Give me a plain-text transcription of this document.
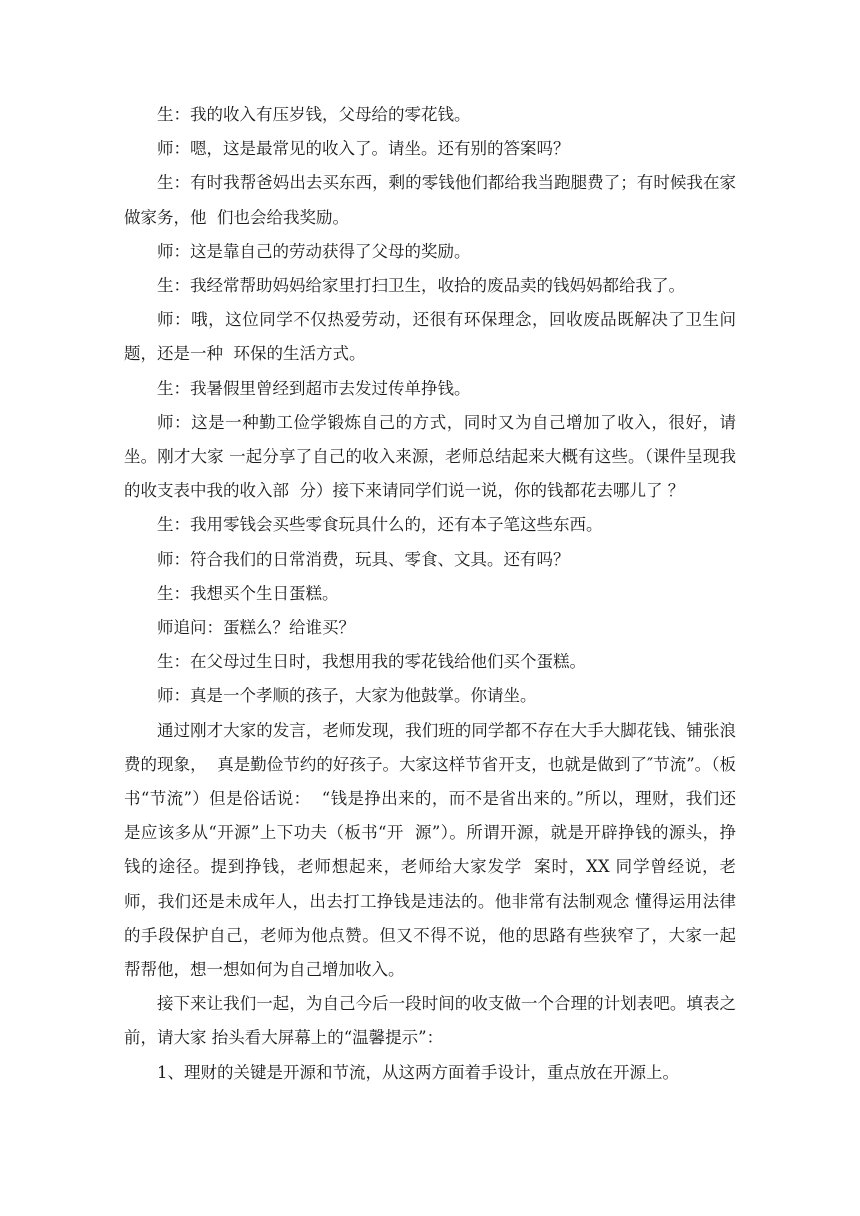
生：我的收入有压岁钱，父母给的零花钱。

师：嗯，这是最常见的收入了。请坐。还有别的答案吗？

生：有时我帮爸妈出去买东西，剩的零钱他们都给我当跑腿费了；有时候我在家做家务，他  们也会给我奖励。

师：这是靠自己的劳动获得了父母的奖励。

生：我经常帮助妈妈给家里打扫卫生，收拾的废品卖的钱妈妈都给我了。

师：哦，这位同学不仅热爱劳动，还很有环保理念，回收废品既解决了卫生问题，还是一种  环保的生活方式。

生：我暑假里曾经到超市去发过传单挣钱。

师：这是一种勤工俭学锻炼自己的方式，同时又为自己增加了收入，很好，请坐。刚才大家 一起分享了自己的收入来源，老师总结起来大概有这些。（课件呈现我的收支表中我的收入部  分）接下来请同学们说一说，你的钱都花去哪儿了 ？

生：我用零钱会买些零食玩具什么的，还有本子笔这些东西。

师：符合我们的日常消费，玩具、零食、文具。还有吗？

生：我想买个生日蛋糕。

师追问：蛋糕么？给谁买？

生：在父母过生日时，我想用我的零花钱给他们买个蛋糕。

师：真是一个孝顺的孩子，大家为他鼓掌。你请坐。

通过刚才大家的发言，老师发现，我们班的同学都不存在大手大脚花钱、铺张浪费的现象，  真是勤俭节约的好孩子。大家这样节省开支，也就是做到了″节流”。（板书“节流”）但是俗话说：  “钱是挣出来的，而不是省出来的。”所以，理财，我们还是应该多从“开源”上下功夫（板书“开  源”）。所谓开源，就是开辟挣钱的源头，挣钱的途径。提到挣钱，老师想起来，老师给大家发学  案时，XX 同学曾经说，老师，我们还是未成年人，出去打工挣钱是违法的。他非常有法制观念 懂得运用法律的手段保护自己，老师为他点赞。但又不得不说，他的思路有些狭窄了，大家一起  帮帮他，想一想如何为自己增加收入。

接下来让我们一起，为自己今后一段时间的收支做一个合理的计划表吧。填表之前，请大家 抬头看大屏幕上的“温馨提示”：

1、理财的关键是开源和节流，从这两方面着手设计，重点放在开源上。
